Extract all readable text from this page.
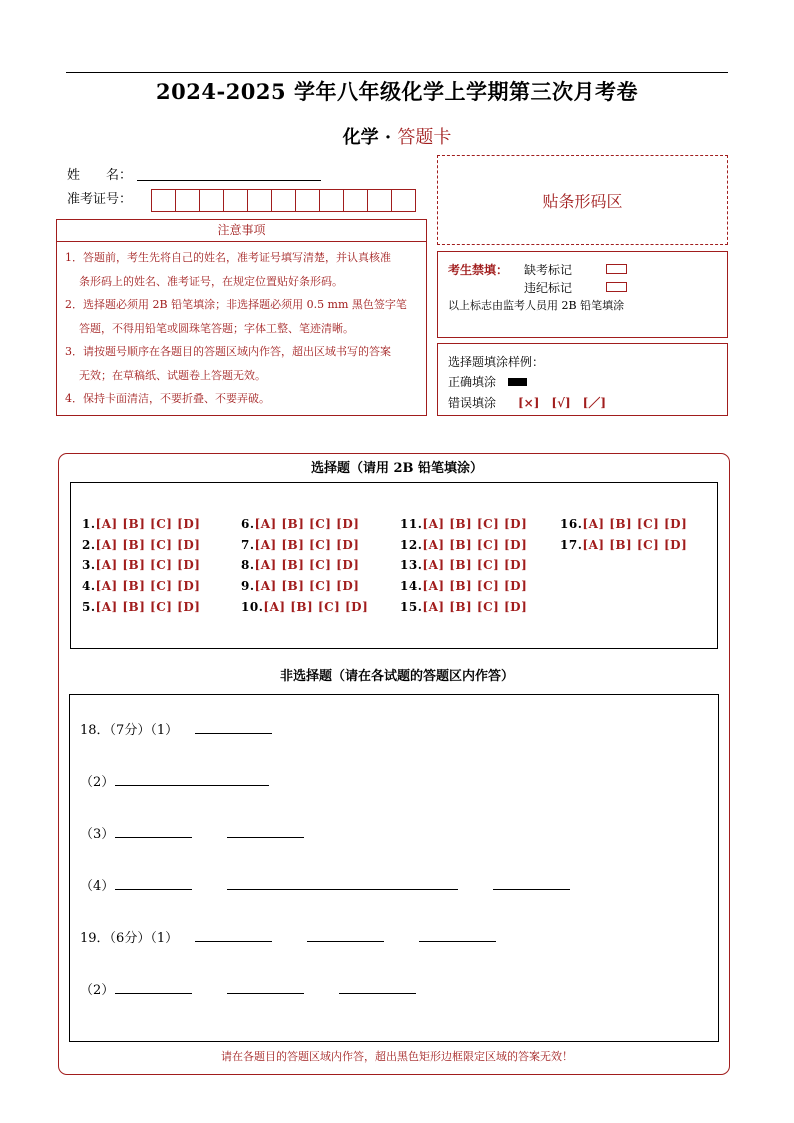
2024-2025 学年八年级化学上学期第三次月考卷
化学 · 答题卡
姓　　名：
准考证号：	贴条形码区
注意事项

1．答题前，考生先将自己的姓名，准考证号填写清楚，并认真核准

条形码上的姓名、准考证号，在规定位置贴好条形码。

2．选择题必须用 2B 铅笔填涂；非选择题必须用 0.5 mm 黑色签字笔

答题，不得用铅笔或圆珠笔答题；字体工整、笔迹清晰。

3．请按题号顺序在各题目的答题区域内作答，超出区域书写的答案

无效；在草稿纸、试题卷上答题无效。

4．保持卡面清洁，不要折叠、不要弄破。

考生禁填： 缺考标记
违纪标记
以上标志由监考人员用 2B 铅笔填涂
选择题填涂样例：
正确填涂
错误填涂 [×]　[√]　[／]
选择题（请用 2B 铅笔填涂）
1.[A] [B] [C] [D]
2.[A] [B] [C] [D]
3.[A] [B] [C] [D]
4.[A] [B] [C] [D]
5.[A] [B] [C] [D]
6.[A] [B] [C] [D]
7.[A] [B] [C] [D]
8.[A] [B] [C] [D]
9.[A] [B] [C] [D]
10.[A] [B] [C] [D]
11.[A] [B] [C] [D]
12.[A] [B] [C] [D]
13.[A] [B] [C] [D]
14.[A] [B] [C] [D]
15.[A] [B] [C] [D]
16.[A] [B] [C] [D]
17.[A] [B] [C] [D]
非选择题（请在各试题的答题区内作答）
18．（7分）（1）
（2）
（3）
（4）
19．（6分）（1）
（2）
请在各题目的答题区域内作答，超出黑色矩形边框限定区域的答案无效！
